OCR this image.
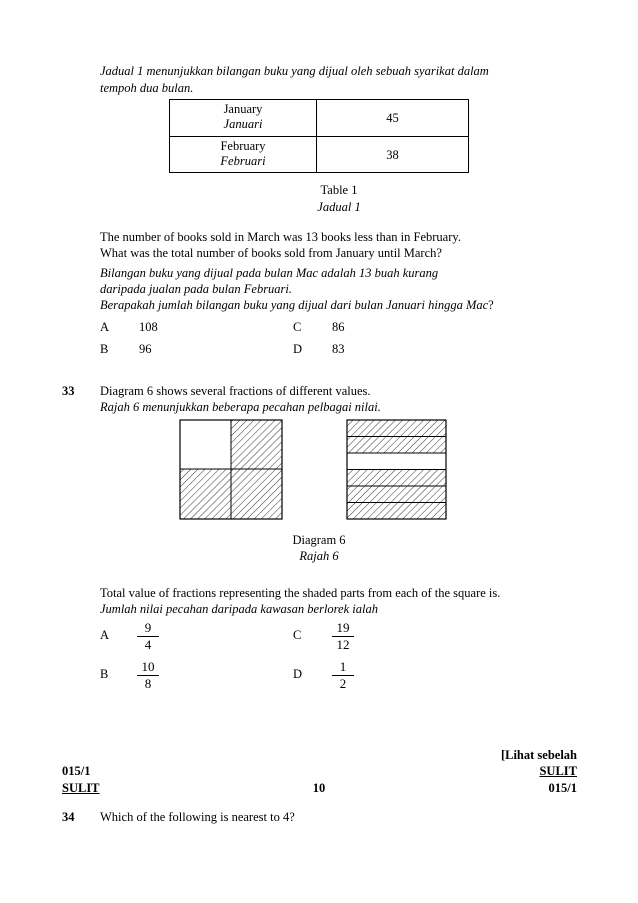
Jadual 1 menunjukkan bilangan buku yang dijual oleh sebuah syarikat dalam
tempoh dua bulan.
January
Januari	45
February
Februari	38
Table 1
Jadual 1
The number of books sold in March was 13 books less than in February.
What was the total number of books sold from January until March?
Bilangan buku yang dijual pada bulan Mac adalah 13 buah kurang
daripada jualan pada bulan Februari.
Berapakah jumlah bilangan buku yang dijual dari bulan Januari hingga Mac?
A 108	C 86
B 96	D 83
33 Diagram 6 shows several fractions of different values.
Rajah 6 menunjukkan beberapa pecahan pelbagai nilai.
Diagram 6
Rajah 6
Total value of fractions representing the shaded parts from each of the square is.
Jumlah nilai pecahan daripada kawasan berlorek ialah
A	9
4
C	19
12
B	10
8
D	1
2
[Lihat sebelah
015/1	SULIT
SULIT	10	015/1
34 Which of the following is nearest to 4?
